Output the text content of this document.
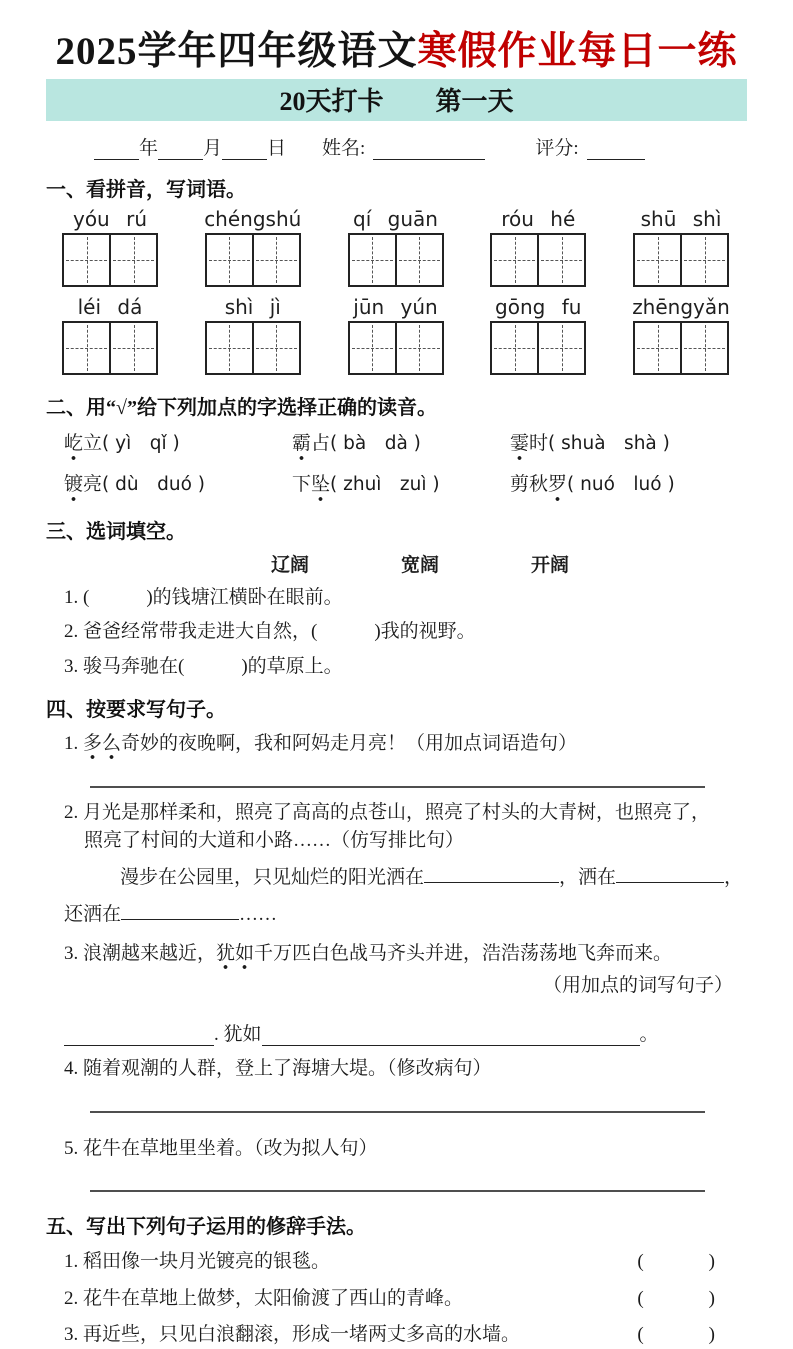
2025学年四年级语文寒假作业每日一练
20天打卡 第一天
年 月 日 姓名:	评分:
一、看拼音，写词语。
yóu rú	chéngshú	qí guān	róu hé	shū shì
léi dá	shì jì	jūn yún	gōng fu	zhēngyǎn
二、用“√”给下列加点的字选择正确的读音。
屹 立 ( yì　qǐ )	霸 占 ( bà　dà )	霎 时 ( shuà　shà )
镀 亮 ( dù　duó )	下 坠 ( zhuì　zuì )	剪秋 罗 ( nuó　luó )
三、选词填空。
辽阔	宽阔	开阔
1. (　　　)的钱塘江横卧在眼前。
2. 爸爸经常带我走进大自然，(　　　)我的视野。
3. 骏马奔驰在(　　　)的草原上。
四、按要求写句子。
1. 多么奇妙的夜晚啊，我和阿妈走月亮！（用加点词语造句）
2. 月光是那样柔和，照亮了高高的点苍山，照亮了村头的大青树，也照亮了，
照亮了村间的大道和小路……（仿写排比句）
漫步在公园里，只见灿烂的阳光洒在	，洒在	，
还洒在	……
3. 浪潮越来越近，犹如千万匹白色战马齐头并进，浩浩荡荡地飞奔而来。
（用加点的词写句子）
. 犹如	。
4. 随着观潮的人群，登上了海塘大堤。（修改病句）
5. 花牛在草地里坐着。（改为拟人句）
五、写出下列句子运用的修辞手法。
1. 稻田像一块月光镀亮的银毯。	(　　　)
2. 花牛在草地上做梦，太阳偷渡了西山的青峰。	(　　　)
3. 再近些，只见白浪翻滚，形成一堵两丈多高的水墙。	(　　　)
